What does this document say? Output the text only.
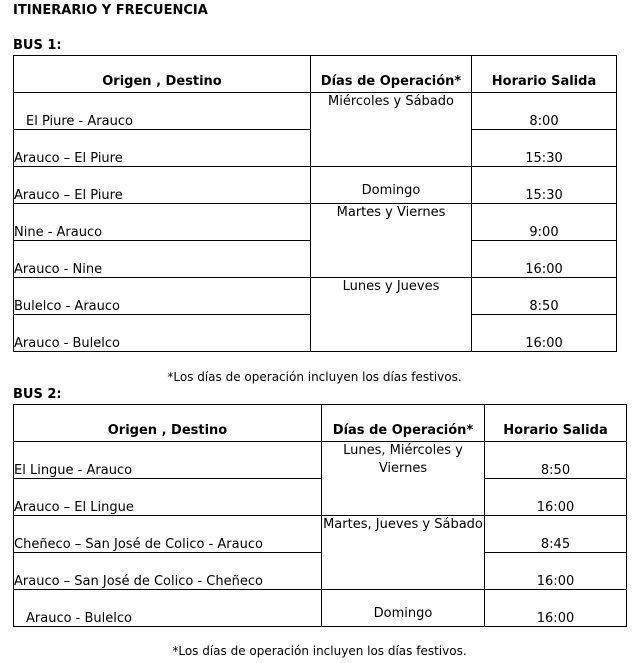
ITINERARIO Y FRECUENCIA
BUS 1:
Origen , Destino	Días de Operación*	Horario Salida
El Piure - Arauco	Miércoles y Sábado	8:00
Arauco – El Piure		15:30
Arauco – El Piure	Domingo	15:30
Nine - Arauco	Martes y Viernes	9:00
Arauco - Nine		16:00
Bulelco - Arauco	Lunes y Jueves	8:50
Arauco - Bulelco		16:00
*Los días de operación incluyen los días festivos.
BUS 2:
Origen , Destino	Días de Operación*	Horario Salida
El Lingue - Arauco	Lunes, Miércoles y Viernes	8:50
Arauco – El Lingue		16:00
Cheñeco – San José de Colico - Arauco	Martes, Jueves y Sábado	8:45
Arauco – San José de Colico - Cheñeco		16:00
Arauco - Bulelco	Domingo	16:00
*Los días de operación incluyen los días festivos.
